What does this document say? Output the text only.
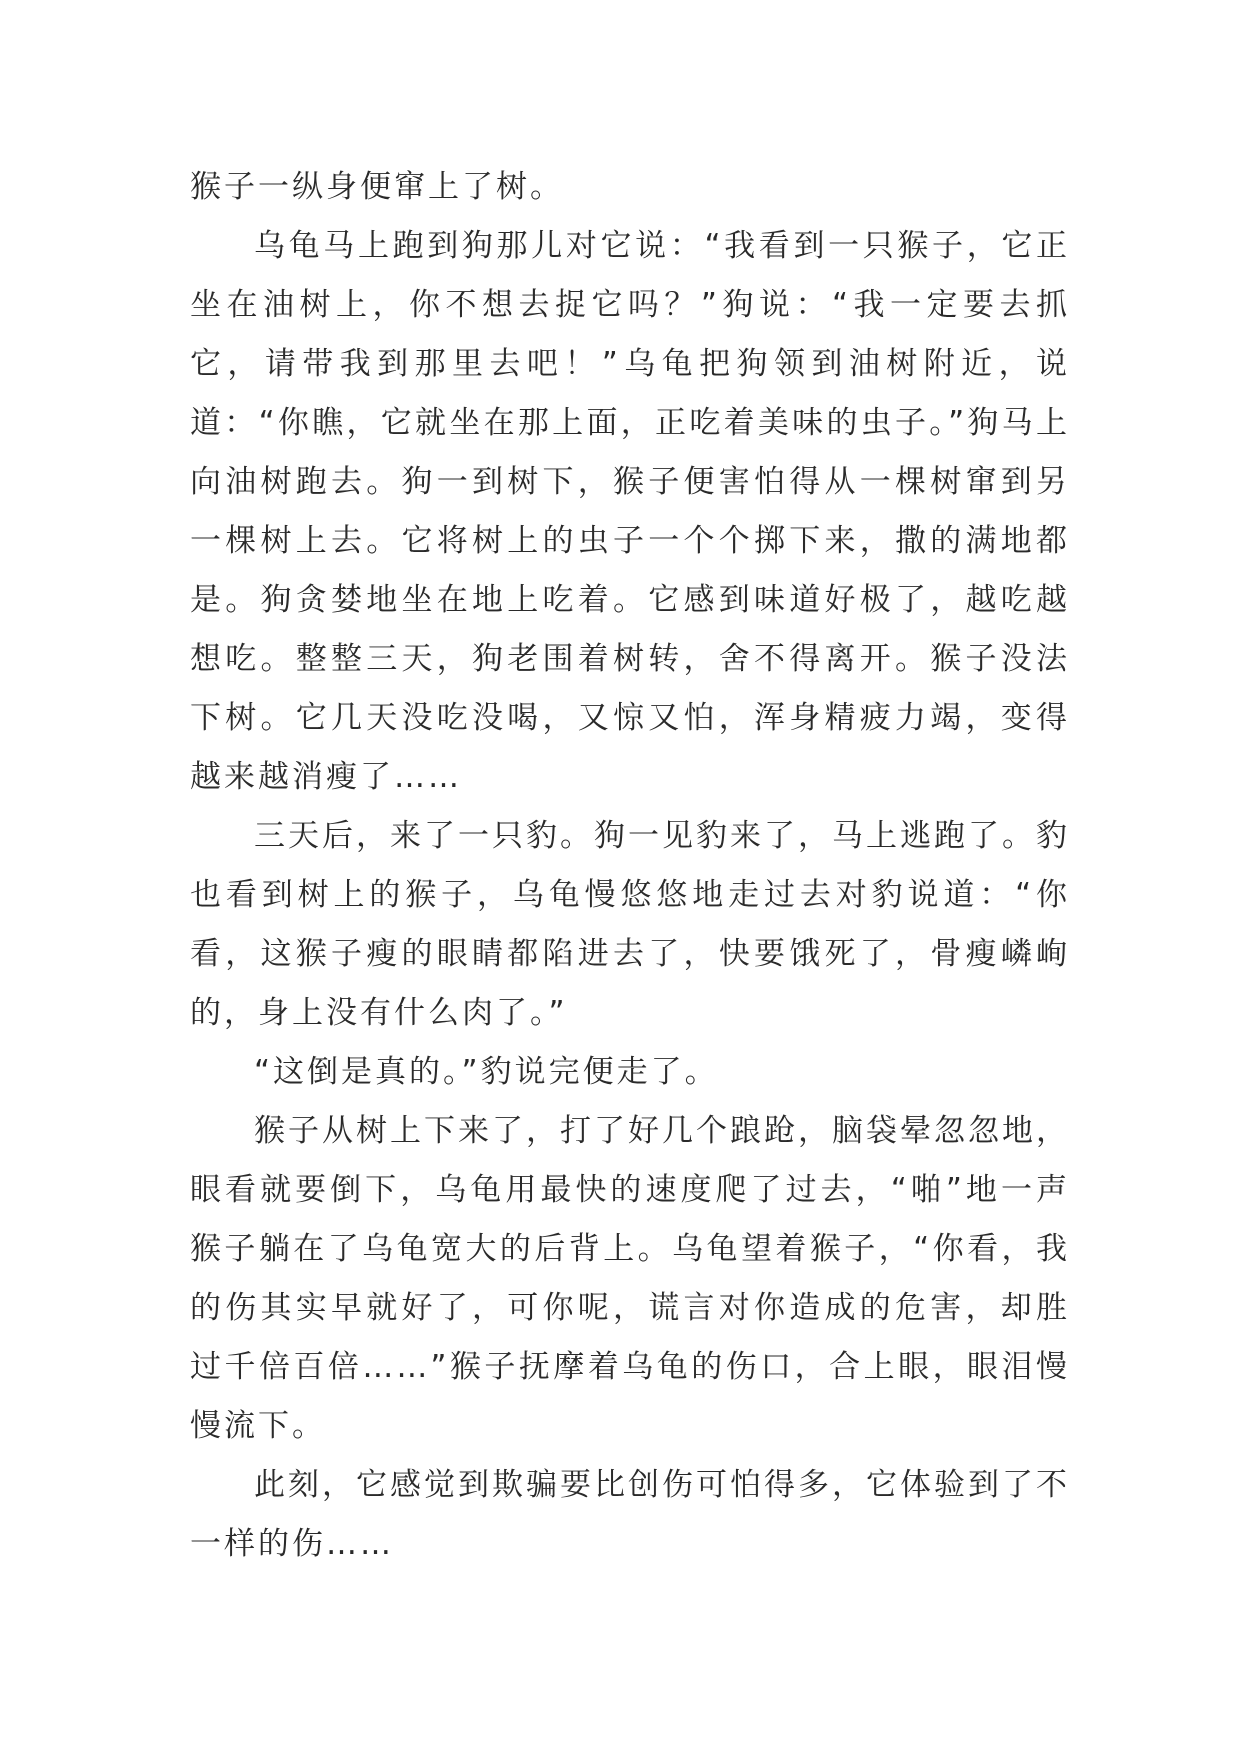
猴子一纵身便窜上了树。

乌龟马上跑到狗那儿对它说：“我看到一只猴子，它正坐在油树上，你不想去捉它吗？”狗说：“我一定要去抓它，请带我到那里去吧！”乌龟把狗领到油树附近，说道：“你瞧，它就坐在那上面，正吃着美味的虫子。”狗马上向油树跑去。狗一到树下，猴子便害怕得从一棵树窜到另一棵树上去。它将树上的虫子一个个掷下来，撒的满地都是。狗贪婪地坐在地上吃着。它感到味道好极了，越吃越想吃。整整三天，狗老围着树转，舍不得离开。猴子没法下树。它几天没吃没喝，又惊又怕，浑身精疲力竭，变得越来越消瘦了……

三天后，来了一只豹。狗一见豹来了，马上逃跑了。豹也看到树上的猴子，乌龟慢悠悠地走过去对豹说道：“你看，这猴子瘦的眼睛都陷进去了，快要饿死了，骨瘦嶙峋的，身上没有什么肉了。”

“这倒是真的。”豹说完便走了。

猴子从树上下来了，打了好几个踉跄，脑袋晕忽忽地，眼看就要倒下，乌龟用最快的速度爬了过去，“啪”地一声猴子躺在了乌龟宽大的后背上。乌龟望着猴子，“你看，我的伤其实早就好了，可你呢，谎言对你造成的危害，却胜过千倍百倍……”猴子抚摩着乌龟的伤口，合上眼，眼泪慢慢流下。

此刻，它感觉到欺骗要比创伤可怕得多，它体验到了不一样的伤……
